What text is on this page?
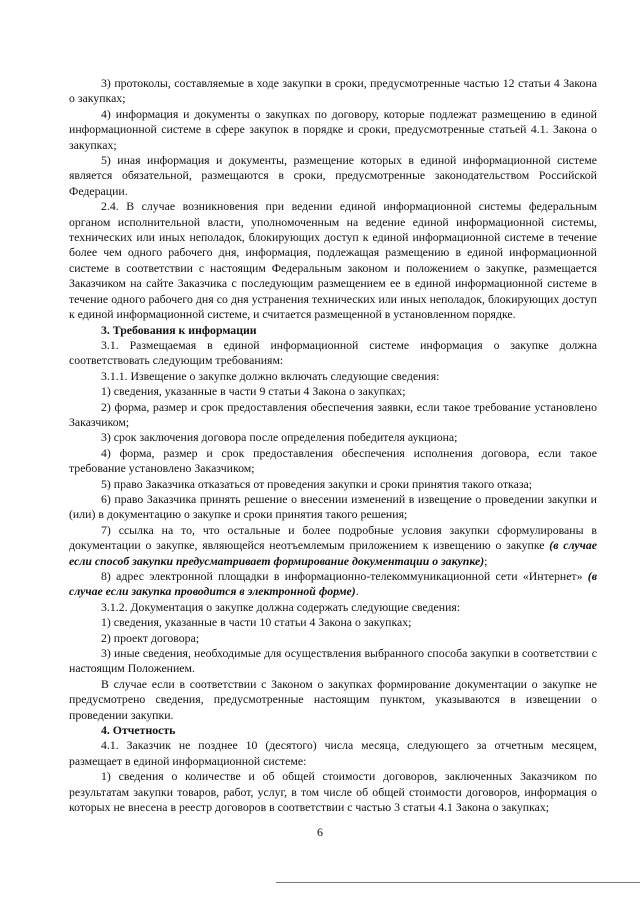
3) протоколы, составляемые в ходе закупки в сроки, предусмотренные частью 12 статьи 4 Закона о закупках;

4) информация и документы о закупках по договору, которые подлежат размещению в единой информационной системе в сфере закупок в порядке и сроки, предусмотренные статьей 4.1. Закона о закупках;

5) иная информация и документы, размещение которых в единой информационной системе является обязательной, размещаются в сроки, предусмотренные законодательством Российской Федерации.

2.4. В случае возникновения при ведении единой информационной системы федеральным органом исполнительной власти, уполномоченным на ведение единой информационной системы, технических или иных неполадок, блокирующих доступ к единой информационной системе в течение более чем одного рабочего дня, информация, подлежащая размещению в единой информационной системе в соответствии с настоящим Федеральным законом и положением о закупке, размещается Заказчиком на сайте Заказчика с последующим размещением ее в единой информационной системе в течение одного рабочего дня со дня устранения технических или иных неполадок, блокирующих доступ к единой информационной системе, и считается размещенной в установленном порядке.

3. Требования к информации

3.1. Размещаемая в единой информационной системе информация о закупке должна соответствовать следующим требованиям:

3.1.1. Извещение о закупке должно включать следующие сведения:

1) сведения, указанные в части 9 статьи 4 Закона о закупках;

2) форма, размер и срок предоставления обеспечения заявки, если такое требование установлено Заказчиком;

3) срок заключения договора после определения победителя аукциона;

4) форма, размер и срок предоставления обеспечения исполнения договора, если такое требование установлено Заказчиком;

5) право Заказчика отказаться от проведения закупки и сроки принятия такого отказа;

6) право Заказчика принять решение о внесении изменений в извещение о проведении закупки и (или) в документацию о закупке и сроки принятия такого решения;

7) ссылка на то, что остальные и более подробные условия закупки сформулированы в документации о закупке, являющейся неотъемлемым приложением к извещению о закупке (в случае если способ закупки предусматривает формирование документации о закупке);

8) адрес электронной площадки в информационно-телекоммуникационной сети «Интернет» (в случае если закупка проводится в электронной форме).

3.1.2. Документация о закупке должна содержать следующие сведения:

1) сведения, указанные в части 10 статьи 4 Закона о закупках;

2) проект договора;

3) иные сведения, необходимые для осуществления выбранного способа закупки в соответствии с настоящим Положением.

В случае если в соответствии с Законом о закупках формирование документации о закупке не предусмотрено сведения, предусмотренные настоящим пунктом, указываются в извещении о проведении закупки.

4. Отчетность

4.1. Заказчик не позднее 10 (десятого) числа месяца, следующего за отчетным месяцем, размещает в единой информационной системе:

1) сведения о количестве и об общей стоимости договоров, заключенных Заказчиком по результатам закупки товаров, работ, услуг, в том числе об общей стоимости договоров, информация о которых не внесена в реестр договоров в соответствии с частью 3 статьи 4.1 Закона о закупках;

6
